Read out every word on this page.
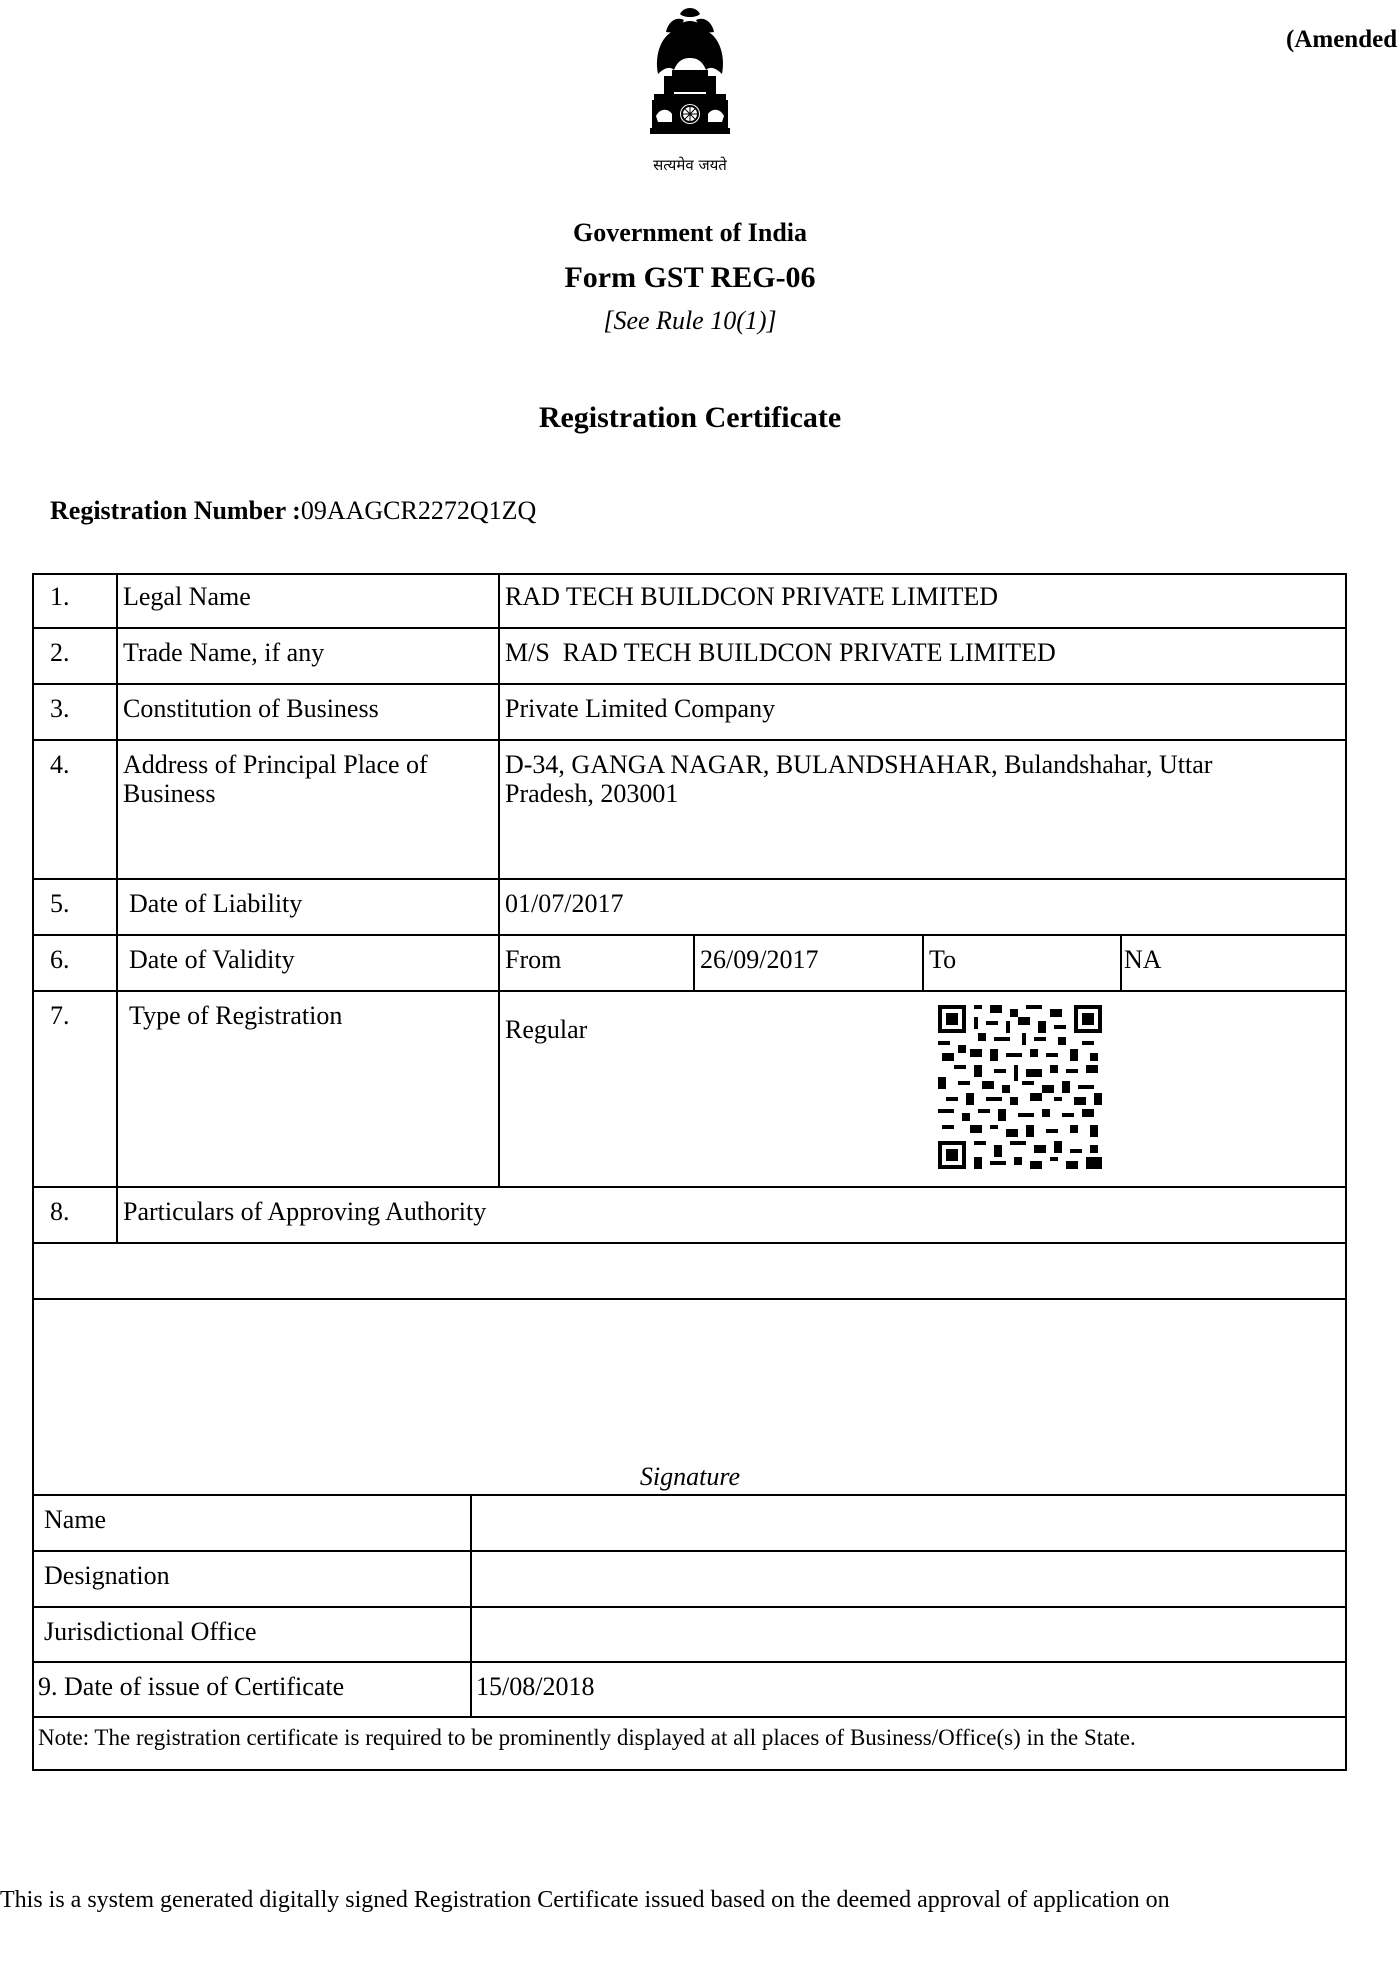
(Amended
सत्यमेव जयते
Government of India
Form GST REG-06
[See Rule 10(1)]
Registration Certificate
Registration Number :09AAGCR2272Q1ZQ
1. Legal Name	RAD TECH BUILDCON PRIVATE LIMITED
2. Trade Name, if any	M/S  RAD TECH BUILDCON PRIVATE LIMITED
3. Constitution of Business	Private Limited Company
4. Address of Principal Place of Business
D-34, GANGA NAGAR, BULANDSHAHAR, Bulandshahar, Uttar Pradesh, 203001
5. Date of Liability	01/07/2017
6. Date of Validity	From	26/09/2017	To	NA
7. Type of Registration	Regular
8. Particulars of Approving Authority
Signature
Name
Designation
Jurisdictional Office
9. Date of issue of Certificate	15/08/2018
Note: The registration certificate is required to be prominently displayed at all places of Business/Office(s) in the State.
This is a system generated digitally signed Registration Certificate issued based on the deemed approval of application on
